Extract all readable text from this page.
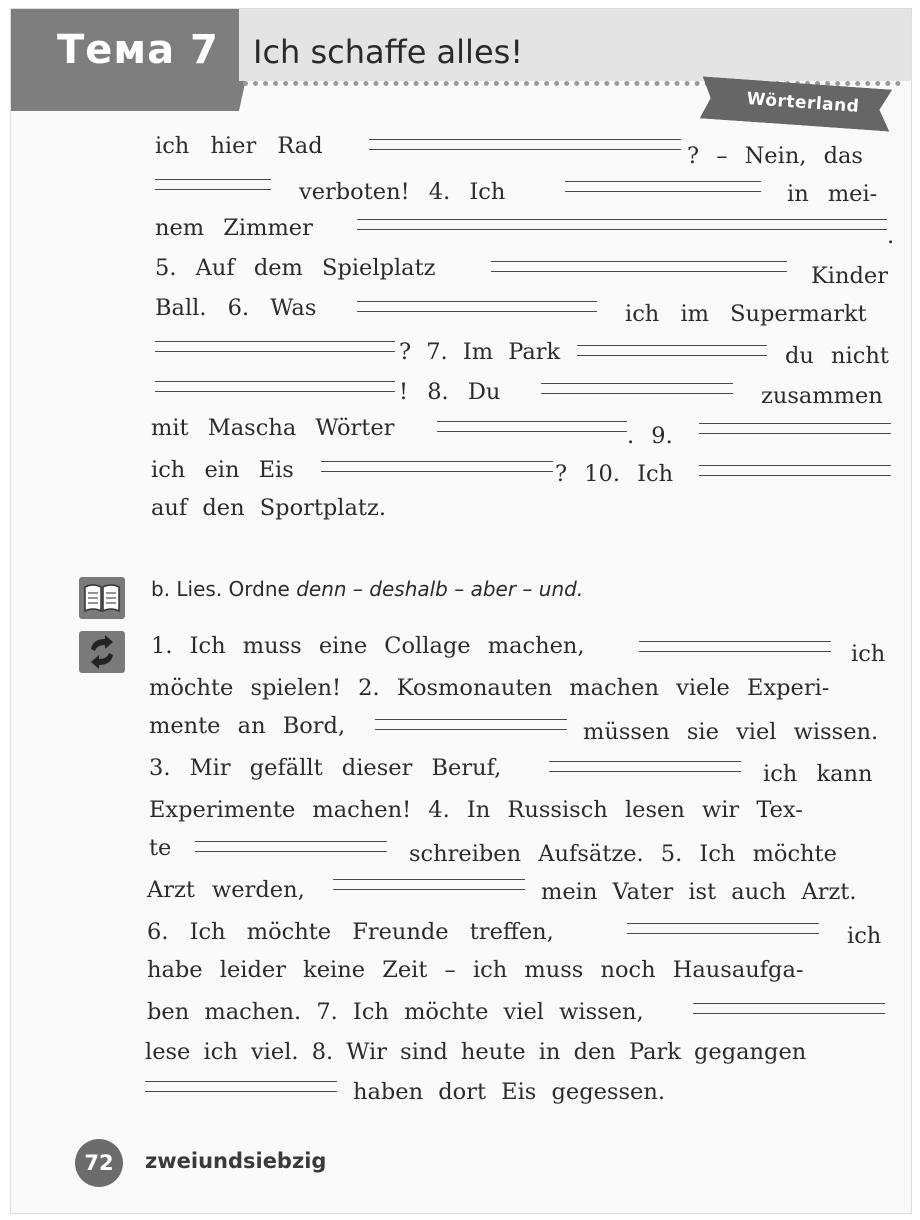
Тема 7 Ich schaffe alles!
Wörterland
ich hier Rad	? – Nein, das
verboten! 4. Ich	in mei-
nem Zimmer	.
5. Auf dem Spielplatz	Kinder
Ball. 6. Was	ich im Supermarkt
? 7. Im Park	du nicht
! 8. Du	zusammen
mit Mascha Wörter	. 9.
ich ein Eis	? 10. Ich
auf den Sportplatz.
b. Lies. Ordne denn – deshalb – aber – und.
1. Ich muss eine Collage machen,	ich
möchte spielen! 2. Kosmonauten machen viele Experi-
mente an Bord,	müssen sie viel wissen.
3. Mir gefällt dieser Beruf,	ich kann
Experimente machen! 4. In Russisch lesen wir Tex-
te	schreiben Aufsätze. 5. Ich möchte
Arzt werden,	mein Vater ist auch Arzt.
6. Ich möchte Freunde treffen,	ich
habe leider keine Zeit – ich muss noch Hausaufga-
ben machen. 7. Ich möchte viel wissen,
lese ich viel. 8. Wir sind heute in den Park gegangen
haben dort Eis gegessen.
72	zweiundsiebzig
